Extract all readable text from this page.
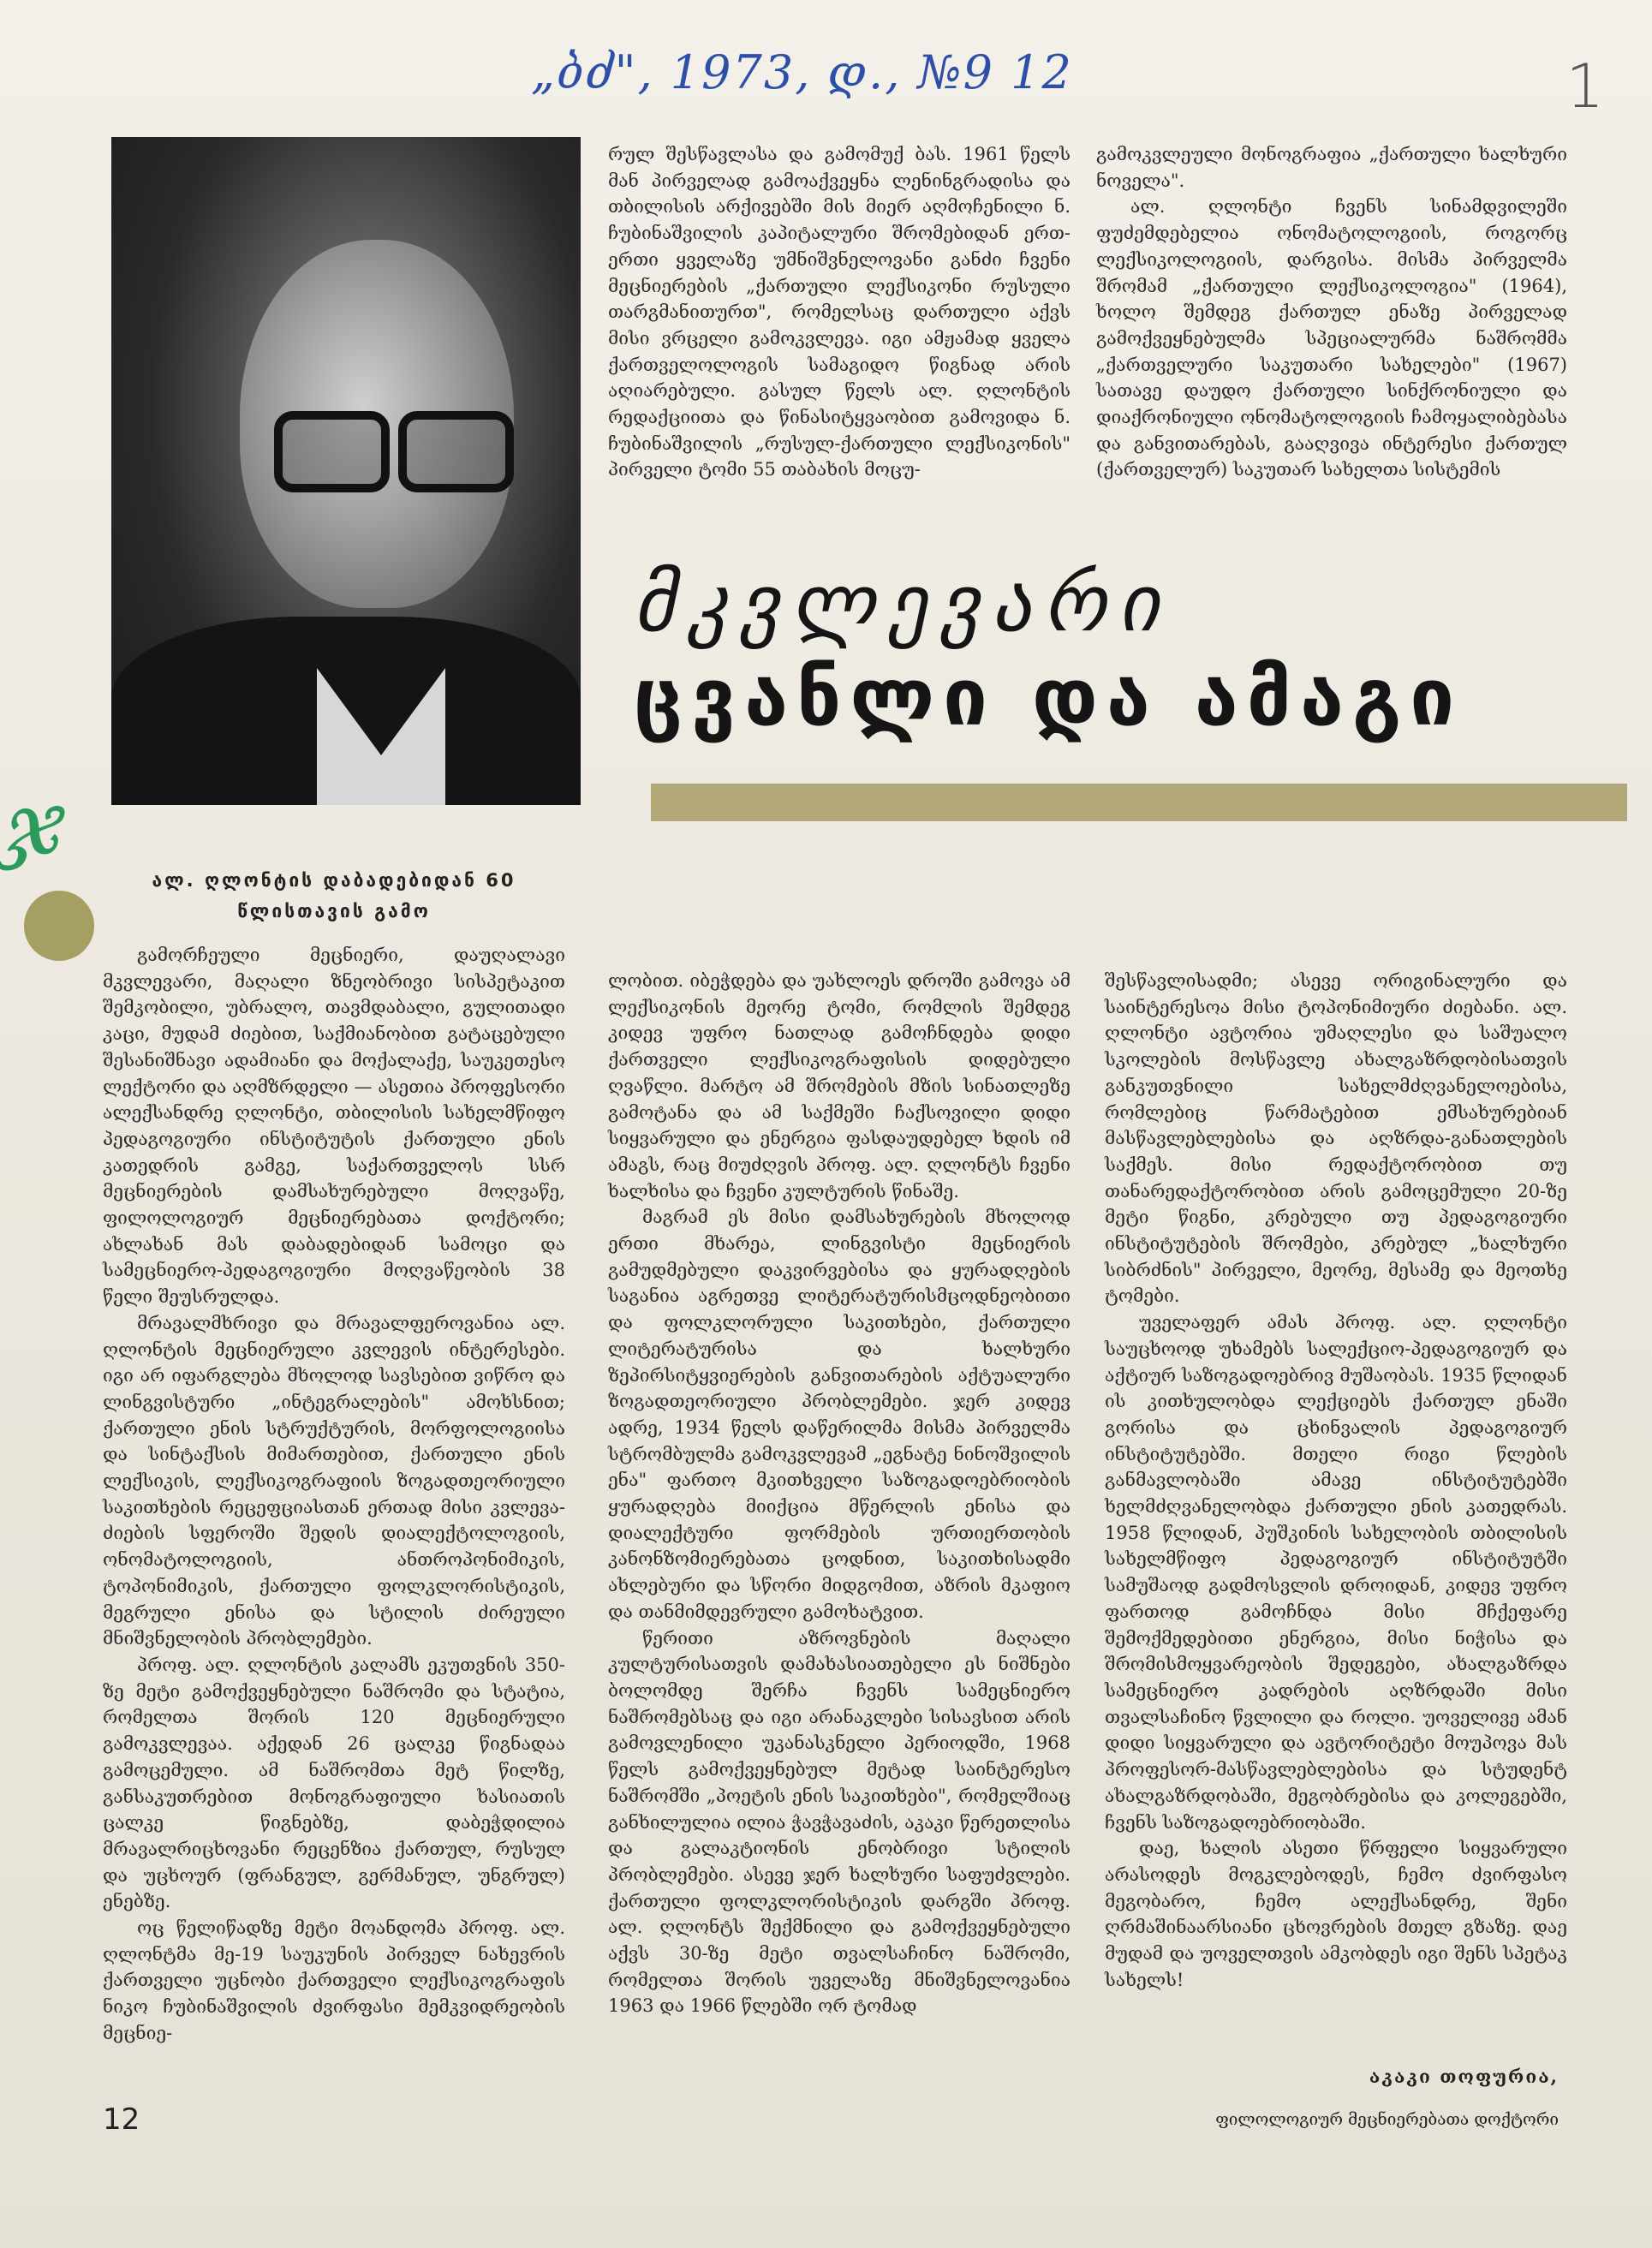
„ბძ", 1973, დ., №9 12	1
ჯ

რულ შესწავლასა და გამომუქ ბას. 1961 წელს მან პირველად გამოაქვეყნა ლენინგრადისა და თბილისის არქივებში მის მიერ აღმოჩენილი ნ. ჩუბინაშვილის კაპიტალური შრომებიდან ერთ-ერთი ყველაზე უმნიშვნელოვანი განძი ჩვენი მეცნიერების „ქართული ლექსიკონი რუსული თარგმანითურთ", რომელსაც დართული აქვს მისი ვრცელი გამოკვლევა. იგი ამჟამად ყველა ქართველოლოგის სამაგიდო წიგნად არის აღიარებული. გასულ წელს ალ. ღლონტის რედაქციითა და წინასიტყვაობით გამოვიდა ნ. ჩუბინაშვილის „რუსულ-ქართული ლექსიკონის" პირველი ტომი 55 თაბახის მოცუ-

გამოკვლეული მონოგრაფია „ქართული ხალხური ნოველა".

ალ. ღლონტი ჩვენს სინამდვილეში ფუძემდებელია ონომატოლოგიის, როგორც ლექსიკოლოგიის, დარგისა. მისმა პირველმა შრომამ „ქართული ლექსიკოლოგია" (1964), ხოლო შემდეგ ქართულ ენაზე პირველად გამოქვეყნებულმა სპეციალურმა ნაშრომმა „ქართველური საკუთარი სახელები" (1967) სათავე დაუდო ქართული სინქრონიული და დიაქრონიული ონომატოლოგიის ჩამოყალიბებასა და განვითარებას, გააღვივა ინტერესი ქართულ (ქართველურ) საკუთარ სახელთა სისტემის

მკვლევარი
ცვანლი და ამაგი
ალ. ღლონტის დაბადებიდან 60 წლისთავის გამო

გამორჩეული მეცნიერი, დაუღალავი მკვლევარი, მაღალი ზნეობრივი სისპეტაკით შემკობილი, უბრალო, თავმდაბალი, გულითადი კაცი, მუდამ ძიებით, საქმიანობით გატაცებული შესანიშნავი ადამიანი და მოქალაქე, საუკეთესო ლექტორი და აღმზრდელი — ასეთია პროფესორი ალექსანდრე ღლონტი, თბილისის სახელმწიფო პედაგოგიური ინსტიტუტის ქართული ენის კათედრის გამგე, საქართველოს სსრ მეცნიერების დამსახურებული მოღვაწე, ფილოლოგიურ მეცნიერებათა დოქტორი; ახლახან მას დაბადებიდან სამოცი და სამეცნიერო-პედაგოგიური მოღვაწეობის 38 წელი შეუსრულდა.

მრავალმხრივი და მრავალფეროვანია ალ. ღლონტის მეცნიერული კვლევის ინტერესები. იგი არ იფარგლება მხოლოდ სავსებით ვიწრო და ლინგვისტური „ინტეგრალების" ამოხსნით; ქართული ენის სტრუქტურის, მორფოლოგიისა და სინტაქსის მიმართებით, ქართული ენის ლექსიკის, ლექსიკოგრაფიის ზოგადთეორიული საკითხების რეცეფციასთან ერთად მისი კვლევა-ძიების სფეროში შედის დიალექტოლოგიის, ონომატოლოგიის, ანთროპონიმიკის, ტოპონიმიკის, ქართული ფოლკლორისტიკის, მეგრული ენისა და სტილის ძირეული მნიშვნელობის პრობლემები.

პროფ. ალ. ღლონტის კალამს ეკუთვნის 350-ზე მეტი გამოქვეყნებული ნაშრომი და სტატია, რომელთა შორის 120 მეცნიერული გამოკვლევაა. აქედან 26 ცალკე წიგნადაა გამოცემული. ამ ნაშრომთა მეტ წილზე, განსაკუთრებით მონოგრაფიული ხასიათის ცალკე წიგნებზე, დაბეჭდილია მრავალრიცხოვანი რეცენზია ქართულ, რუსულ და უცხოურ (ფრანგულ, გერმანულ, უნგრულ) ენებზე.

ოც წელიწადზე მეტი მოანდომა პროფ. ალ. ღლონტმა მე-19 საუკუნის პირველ ნახევრის ქართველი უცნობი ქართველი ლექსიკოგრაფის ნიკო ჩუბინაშვილის ძვირფასი მემკვიდრეობის მეცნიე-

ლობით. იბეჭდება და უახლოეს დროში გამოვა ამ ლექსიკონის მეორე ტომი, რომლის შემდეგ კიდევ უფრო ნათლად გამოჩნდება დიდი ქართველი ლექსიკოგრაფისის დიდებული ღვაწლი. მარტო ამ შრომების მზის სინათლეზე გამოტანა და ამ საქმეში ჩაქსოვილი დიდი სიყვარული და ენერგია ფასდაუდებელ ხდის იმ ამაგს, რაც მიუძღვის პროფ. ალ. ღლონტს ჩვენი ხალხისა და ჩვენი კულტურის წინაშე.

მაგრამ ეს მისი დამსახურების მხოლოდ ერთი მხარეა, ლინგვისტი მეცნიერის გამუდმებული დაკვირვებისა და ყურადღების საგანია აგრეთვე ლიტერატურისმცოდნეობითი და ფოლკლორული საკითხები, ქართული ლიტერატურისა და ხალხური ზეპირსიტყვიერების განვითარების აქტუალური ზოგადთეორიული პრობლემები. ჯერ კიდევ ადრე, 1934 წელს დაწერილმა მისმა პირველმა სტრომბულმა გამოკვლევამ „ეგნატე ნინოშვილის ენა" ფართო მკითხველი საზოგადოებრიობის ყურადღება მიიქცია მწერლის ენისა და დიალექტური ფორმების ურთიერთობის კანონზომიერებათა ცოდნით, საკითხისადმი ახლებური და სწორი მიდგომით, აზრის მკაფიო და თანმიმდევრული გამოხატვით.

წერითი აზროვნების მაღალი კულტურისათვის დამახასიათებელი ეს ნიშნები ბოლომდე შერჩა ჩვენს სამეცნიერო ნაშრომებსაც და იგი არანაკლები სისავსით არის გამოვლენილი უკანასკნელი პერიოდში, 1968 წელს გამოქვეყნებულ მეტად საინტერესო ნაშრომში „პოეტის ენის საკითხები", რომელშიაც განხილულია ილია ჭავჭავაძის, აკაკი წერეთლისა და გალაკტიონის ენობრივი სტილის პრობლემები. ასევე ჯერ ხალხური საფუძვლები. ქართული ფოლკლორისტიკის დარგში პროფ. ალ. ღლონტს შექმნილი და გამოქვეყნებული აქვს 30-ზე მეტი თვალსაჩინო ნაშრომი, რომელთა შორის უველაზე მნიშვნელოვანია 1963 და 1966 წლებში ორ ტომად

შესწავლისადმი; ასევე ორიგინალური და საინტერესოა მისი ტოპონიმიური ძიებანი. ალ. ღლონტი ავტორია უმაღლესი და საშუალო სკოლების მოსწავლე ახალგაზრდობისათვის განკუთვნილი სახელმძღვანელოებისა, რომლებიც წარმატებით ემსახურებიან მასწავლებლებისა და აღზრდა-განათლების საქმეს. მისი რედაქტორობით თუ თანარედაქტორობით არის გამოცემული 20-ზე მეტი წიგნი, კრებული თუ პედაგოგიური ინსტიტუტების შრომები, კრებულ „ხალხური სიბრძნის" პირველი, მეორე, მესამე და მეოთხე ტომები.

უველაფერ ამას პროფ. ალ. ღლონტი საუცხოოდ უხამებს სალექციო-პედაგოგიურ და აქტიურ საზოგადოებრივ მუშაობას. 1935 წლიდან ის კითხულობდა ლექციებს ქართულ ენაში გორისა და ცხინვალის პედაგოგიურ ინსტიტუტებში. მთელი რიგი წლების განმავლობაში ამავე ინსტიტუტებში ხელმძღვანელობდა ქართული ენის კათედრას. 1958 წლიდან, პუშკინის სახელობის თბილისის სახელმწიფო პედაგოგიურ ინსტიტუტში სამუშაოდ გადმოსვლის დროიდან, კიდევ უფრო ფართოდ გამოჩნდა მისი მჩქეფარე შემოქმედებითი ენერგია, მისი ნიჭისა და შრომისმოყვარეობის შედეგები, ახალგაზრდა სამეცნიერო კადრების აღზრდაში მისი თვალსაჩინო წვლილი და როლი. უოველივე ამან დიდი სიყვარული და ავტორიტეტი მოუპოვა მას პროფესორ-მასწავლებლებისა და სტუდენტ ახალგაზრდობაში, მეგობრებისა და კოლეგებში, ჩვენს საზოგადოებრიობაში.

დაე, ხალის ასეთი წრფელი სიყვარული არასოდეს მოგკლებოდეს, ჩემო ძვირფასო მეგობარო, ჩემო ალექსანდრე, შენი ღრმაშინაარსიანი ცხოვრების მთელ გზაზე. დაე მუდამ და უოველთვის ამკობდეს იგი შენს სპეტაკ სახელს!

აკაკი თოფურია,
ფილოლოგიურ მეცნიერებათა დოქტორი
12
